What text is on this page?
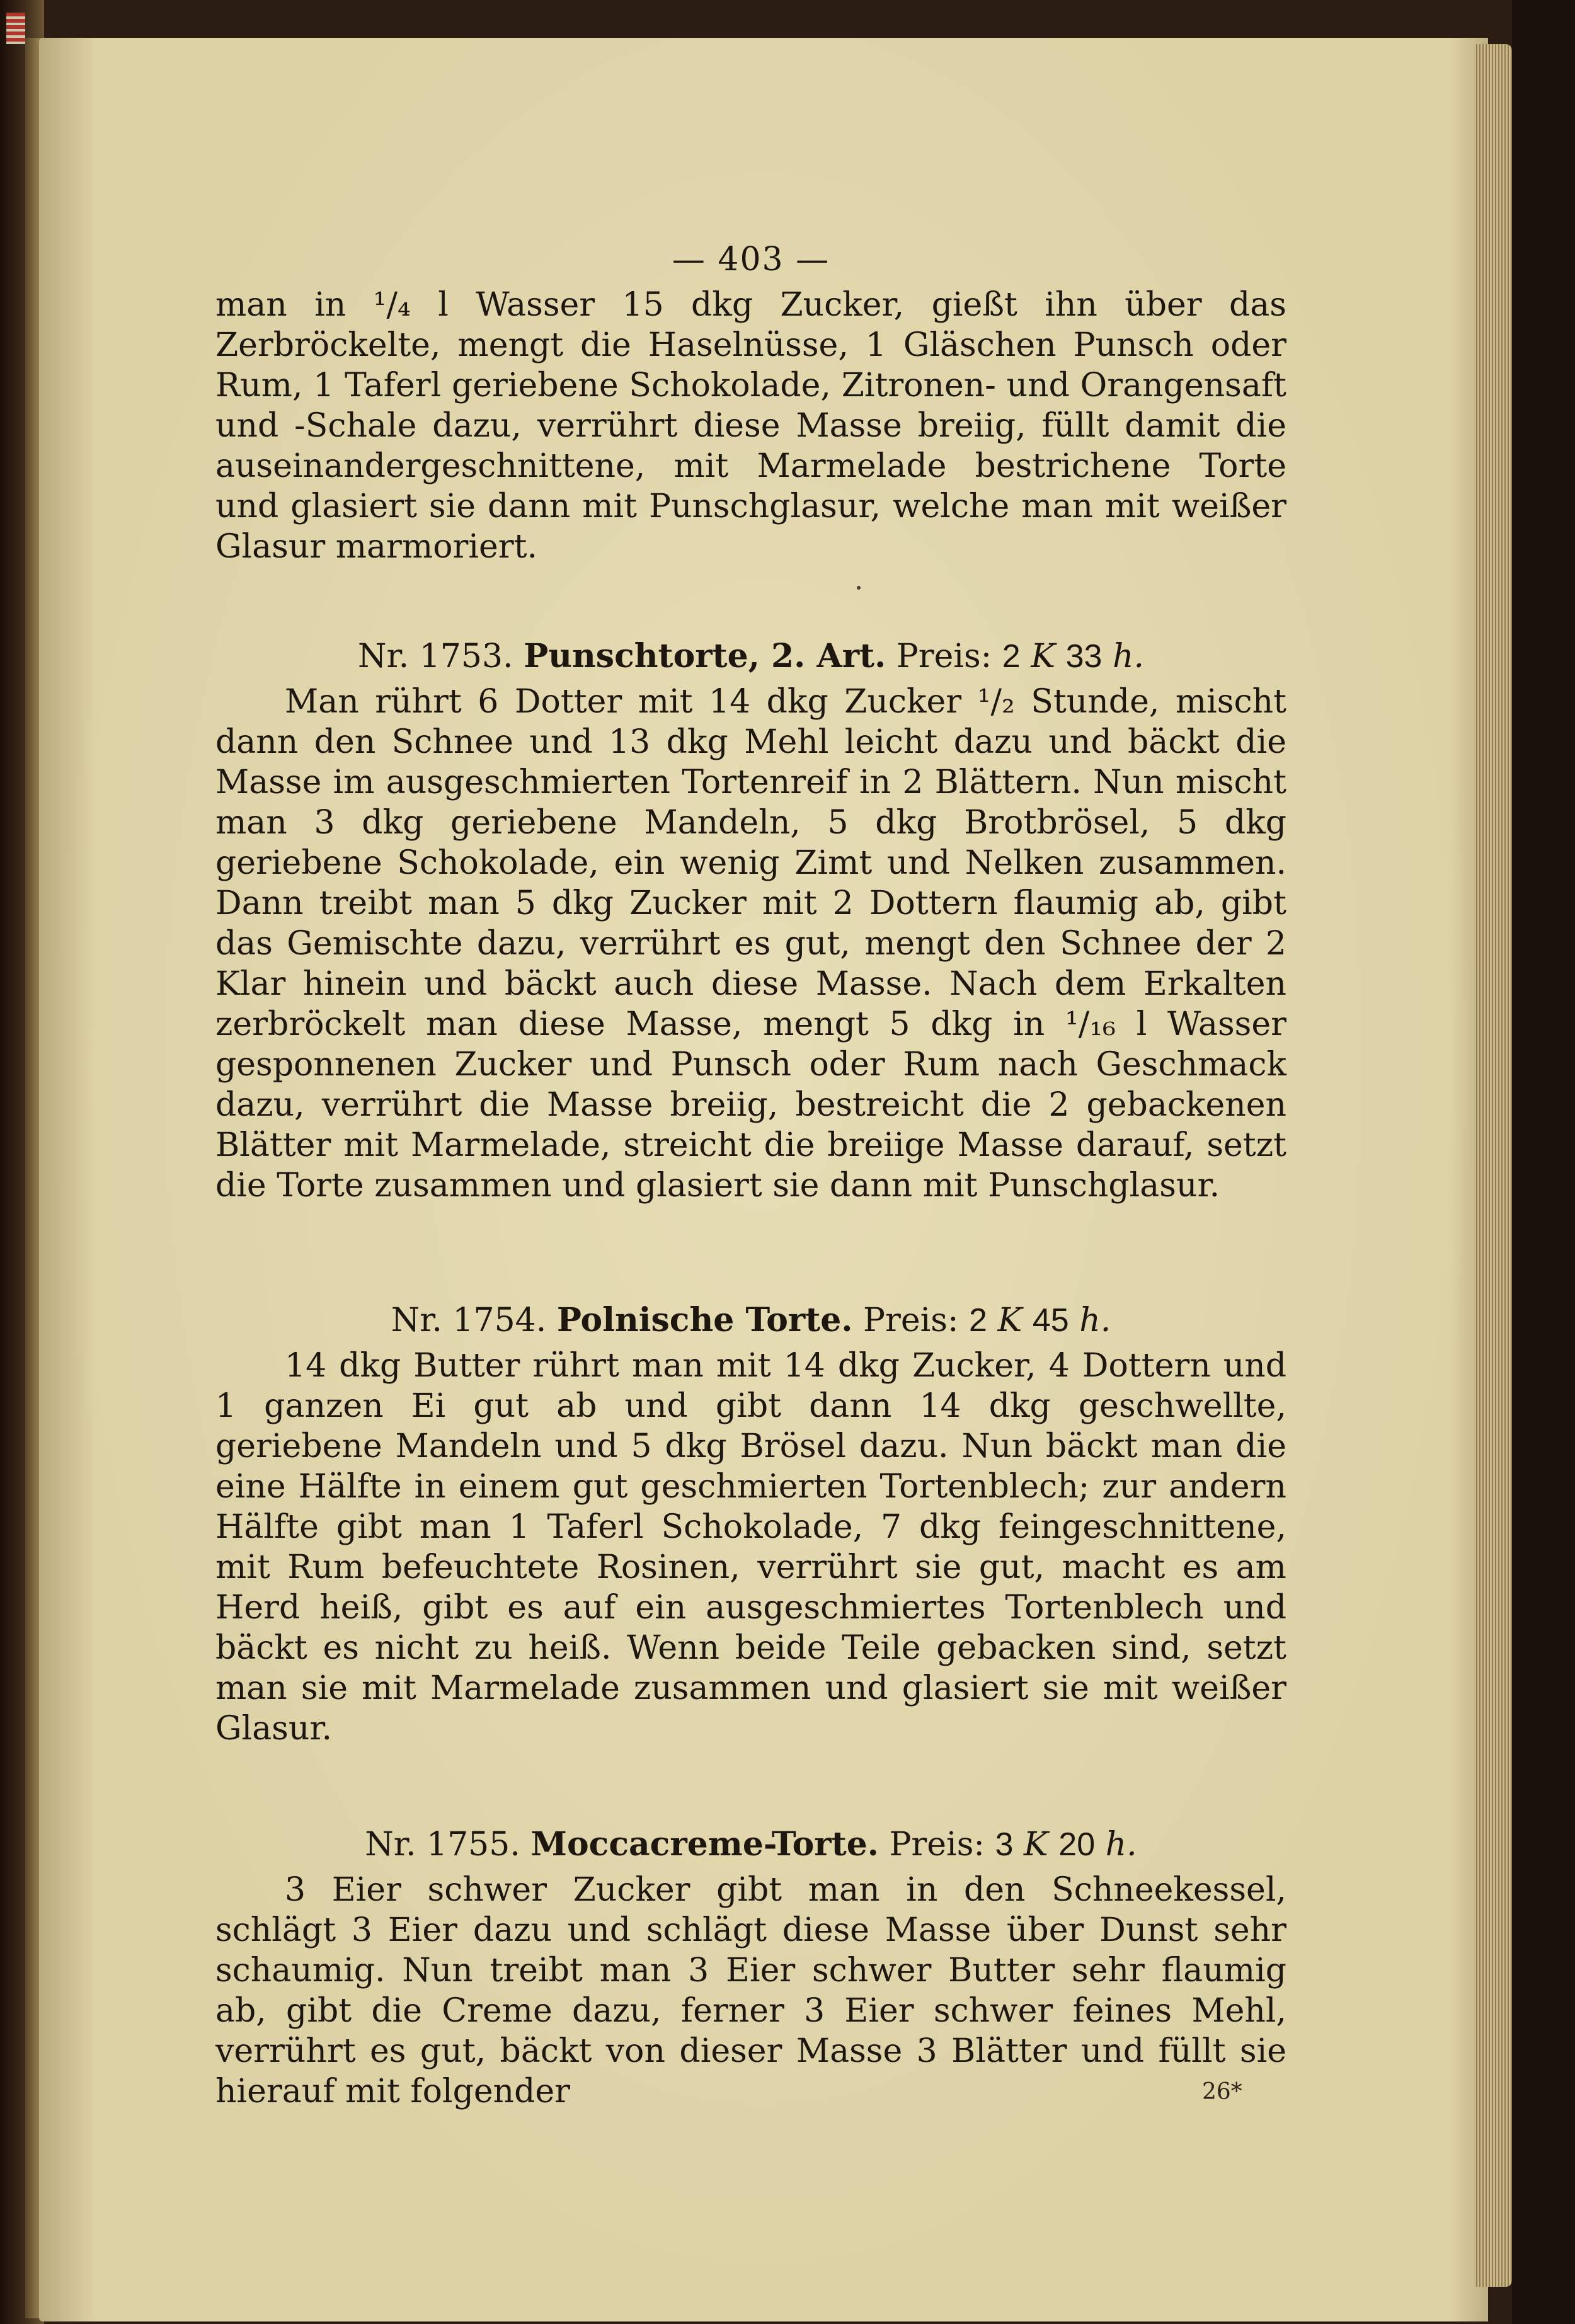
— 403 —

man in ¹/₄ l Wasser 15 dkg Zucker, gießt ihn über das Zerbröckelte, mengt die Haselnüsse, 1 Gläschen Punsch oder Rum, 1 Taferl geriebene Schokolade, Zitronen- und Orangensaft und -Schale dazu, verrührt diese Masse breiig, füllt damit die auseinandergeschnittene, mit Marmelade bestrichene Torte und glasiert sie dann mit Punschglasur, welche man mit weißer Glasur marmoriert.

Nr. 1753. Punschtorte, 2. Art. Preis: 2 K 33 h.

Man rührt 6 Dotter mit 14 dkg Zucker ¹/₂ Stunde, mischt dann den Schnee und 13 dkg Mehl leicht dazu und bäckt die Masse im ausgeschmierten Tortenreif in 2 Blättern. Nun mischt man 3 dkg geriebene Mandeln, 5 dkg Brotbrösel, 5 dkg geriebene Schokolade, ein wenig Zimt und Nelken zusammen. Dann treibt man 5 dkg Zucker mit 2 Dottern flaumig ab, gibt das Gemischte dazu, verrührt es gut, mengt den Schnee der 2 Klar hinein und bäckt auch diese Masse. Nach dem Erkalten zerbröckelt man diese Masse, mengt 5 dkg in ¹/₁₆ l Wasser gesponnenen Zucker und Punsch oder Rum nach Geschmack dazu, verrührt die Masse breiig, bestreicht die 2 gebackenen Blätter mit Marmelade, streicht die breiige Masse darauf, setzt die Torte zusammen und glasiert sie dann mit Punschglasur.

Nr. 1754. Polnische Torte. Preis: 2 K 45 h.

14 dkg Butter rührt man mit 14 dkg Zucker, 4 Dottern und 1 ganzen Ei gut ab und gibt dann 14 dkg geschwellte, geriebene Mandeln und 5 dkg Brösel dazu. Nun bäckt man die eine Hälfte in einem gut geschmierten Tortenblech; zur andern Hälfte gibt man 1 Taferl Schokolade, 7 dkg feingeschnittene, mit Rum befeuchtete Rosinen, verrührt sie gut, macht es am Herd heiß, gibt es auf ein ausgeschmiertes Tortenblech und bäckt es nicht zu heiß. Wenn beide Teile gebacken sind, setzt man sie mit Marmelade zusammen und glasiert sie mit weißer Glasur.

Nr. 1755. Moccacreme-Torte. Preis: 3 K 20 h.

3 Eier schwer Zucker gibt man in den Schneekessel, schlägt 3 Eier dazu und schlägt diese Masse über Dunst sehr schaumig. Nun treibt man 3 Eier schwer Butter sehr flaumig ab, gibt die Creme dazu, ferner 3 Eier schwer feines Mehl, verrührt es gut, bäckt von dieser Masse 3 Blätter und füllt sie hierauf mit folgender	26*
